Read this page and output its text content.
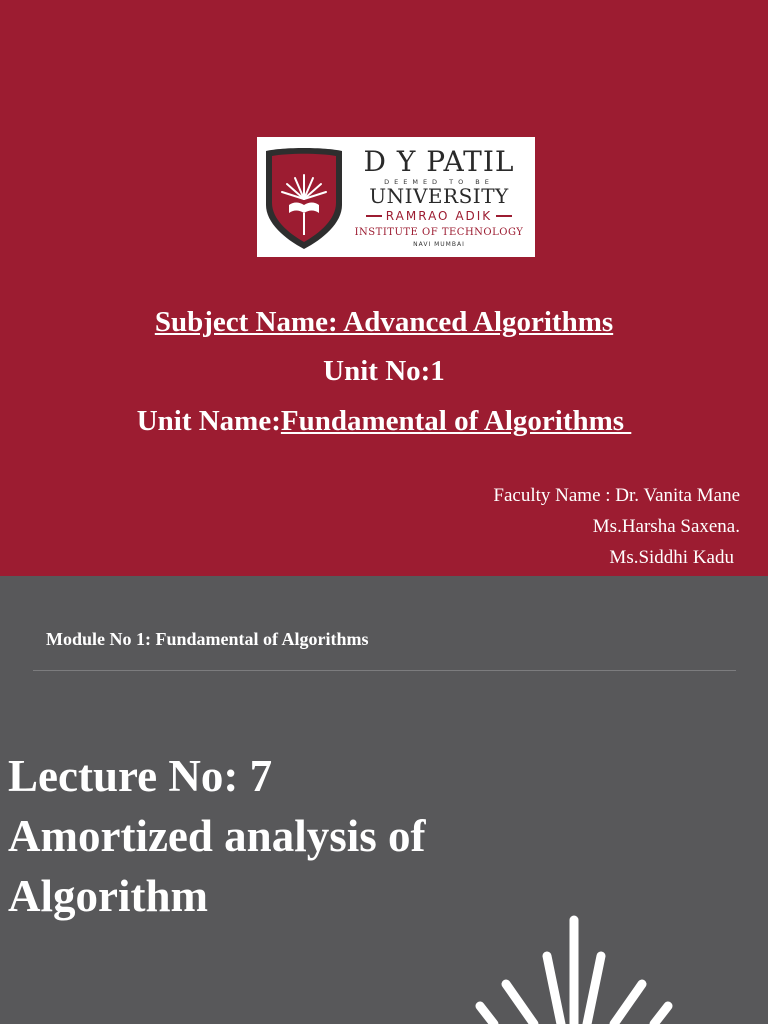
D Y PATIL
DEEMED TO BE
UNIVERSITY
RAMRAO ADIK
INSTITUTE OF TECHNOLOGY
NAVI MUMBAI
Subject Name: Advanced Algorithms
Unit No:1
Unit Name:Fundamental of Algorithms
Faculty Name : Dr. Vanita Mane
Ms.Harsha Saxena.
Ms.Siddhi Kadu
Module No 1: Fundamental of Algorithms
Lecture No: 7
Amortized analysis of
Algorithm
